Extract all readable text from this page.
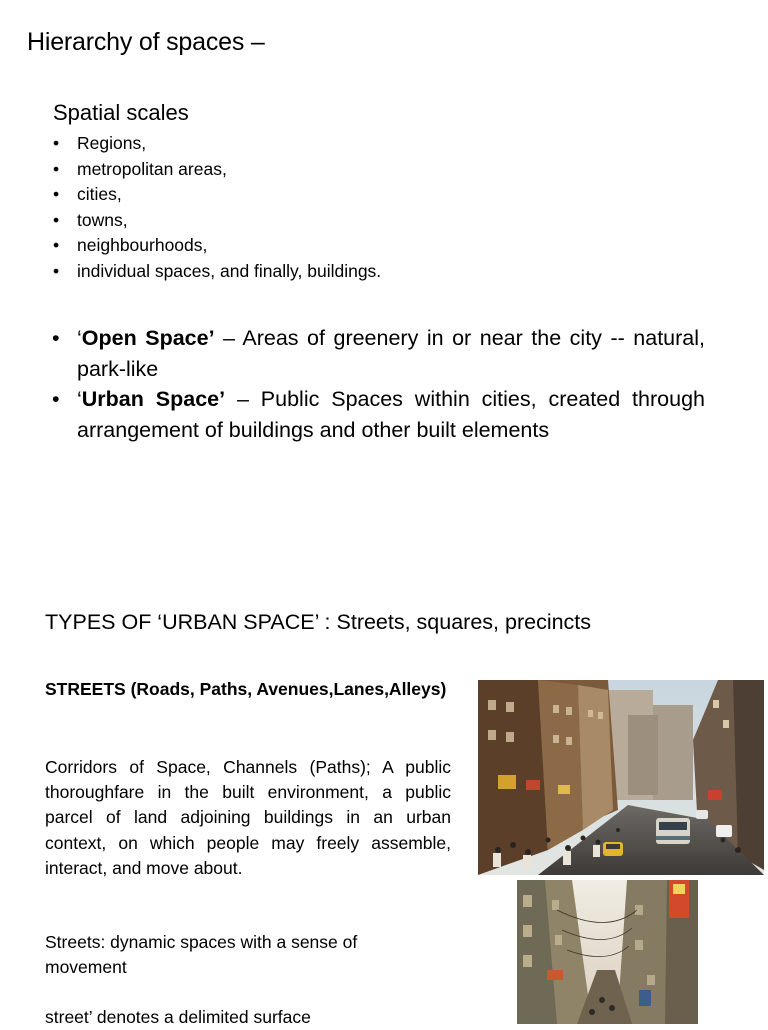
Hierarchy of spaces –
Spatial scales
• Regions,
• metropolitan areas,
• cities,
• towns,
• neighbourhoods,
• individual spaces, and finally, buildings.
• ‘Open Space’ – Areas of greenery in or near the city -- natural, park-like
• ‘Urban Space’ – Public Spaces within cities, created through arrangement of buildings and other built elements
TYPES OF ‘URBAN SPACE’ : Streets, squares, precincts
STREETS (Roads, Paths, Avenues,Lanes,Alleys)

Corridors of Space, Channels (Paths); A public thoroughfare in the built environment, a public parcel of land adjoining buildings in an urban context, on which people may freely assemble, interact, and move about.

Streets: dynamic spaces with a sense of movement

street’ denotes a delimited surface
